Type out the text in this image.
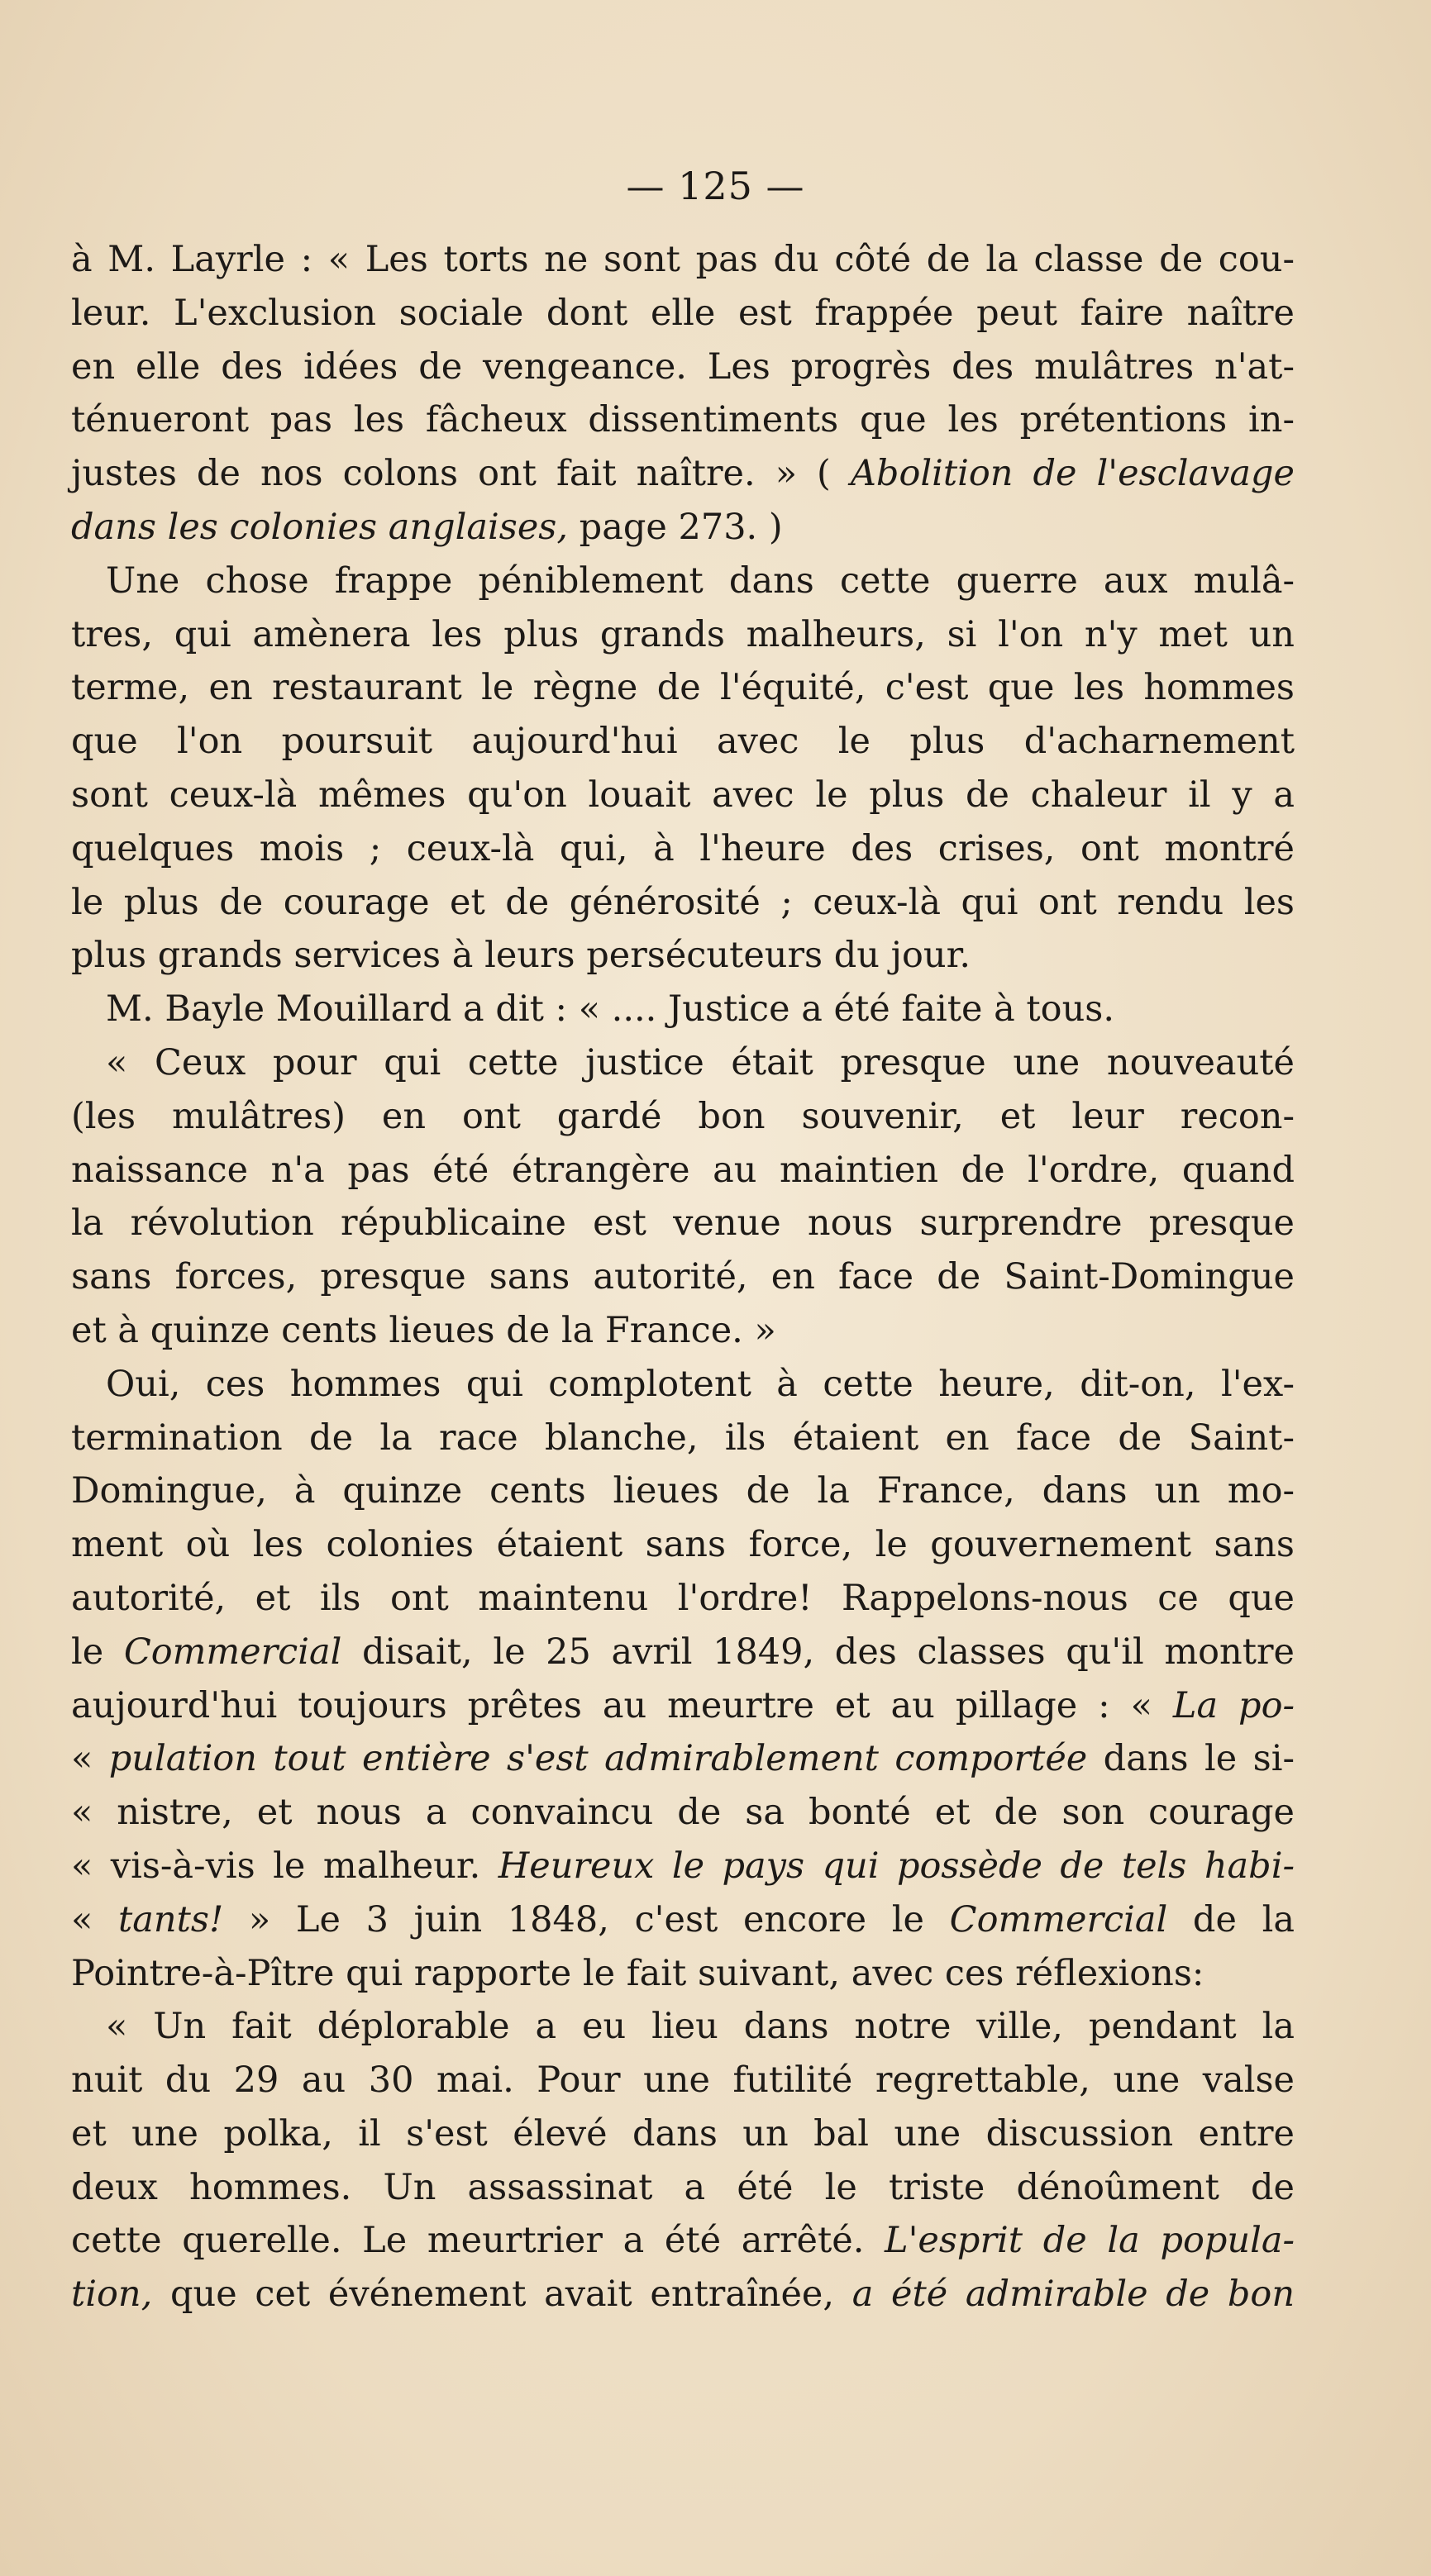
— 125 —
à M. Layrle : « Les torts ne sont pas du côté de la classe de cou-
leur. L'exclusion sociale dont elle est frappée peut faire naître
en elle des idées de vengeance. Les progrès des mulâtres n'at-
ténueront pas les fâcheux dissentiments que les prétentions in-
justes de nos colons ont fait naître. » ( Abolition de l'esclavage
dans les colonies anglaises, page 273. )
Une chose frappe péniblement dans cette guerre aux mulâ-
tres, qui amènera les plus grands malheurs, si l'on n'y met un
terme, en restaurant le règne de l'équité, c'est que les hommes
que l'on poursuit aujourd'hui avec le plus d'acharnement
sont ceux-là mêmes qu'on louait avec le plus de chaleur il y a
quelques mois ; ceux-là qui, à l'heure des crises, ont montré
le plus de courage et de générosité ; ceux-là qui ont rendu les
plus grands services à leurs persécuteurs du jour.
M. Bayle Mouillard a dit : « .... Justice a été faite à tous.
« Ceux pour qui cette justice était presque une nouveauté
(les mulâtres) en ont gardé bon souvenir, et leur recon-
naissance n'a pas été étrangère au maintien de l'ordre, quand
la révolution républicaine est venue nous surprendre presque
sans forces, presque sans autorité, en face de Saint-Domingue
et à quinze cents lieues de la France. »
Oui, ces hommes qui complotent à cette heure, dit-on, l'ex-
termination de la race blanche, ils étaient en face de Saint-
Domingue, à quinze cents lieues de la France, dans un mo-
ment où les colonies étaient sans force, le gouvernement sans
autorité, et ils ont maintenu l'ordre! Rappelons-nous ce que
le Commercial disait, le 25 avril 1849, des classes qu'il montre
aujourd'hui toujours prêtes au meurtre et au pillage : « La po-
« pulation tout entière s'est admirablement comportée dans le si-
« nistre, et nous a convaincu de sa bonté et de son courage
« vis-à-vis le malheur. Heureux le pays qui possède de tels habi-
« tants! » Le 3 juin 1848, c'est encore le Commercial de la
Pointre-à-Pître qui rapporte le fait suivant, avec ces réflexions:
« Un fait déplorable a eu lieu dans notre ville, pendant la
nuit du 29 au 30 mai. Pour une futilité regrettable, une valse
et une polka, il s'est élevé dans un bal une discussion entre
deux hommes. Un assassinat a été le triste dénoûment de
cette querelle. Le meurtrier a été arrêté. L'esprit de la popula-
tion, que cet événement avait entraînée, a été admirable de bon
